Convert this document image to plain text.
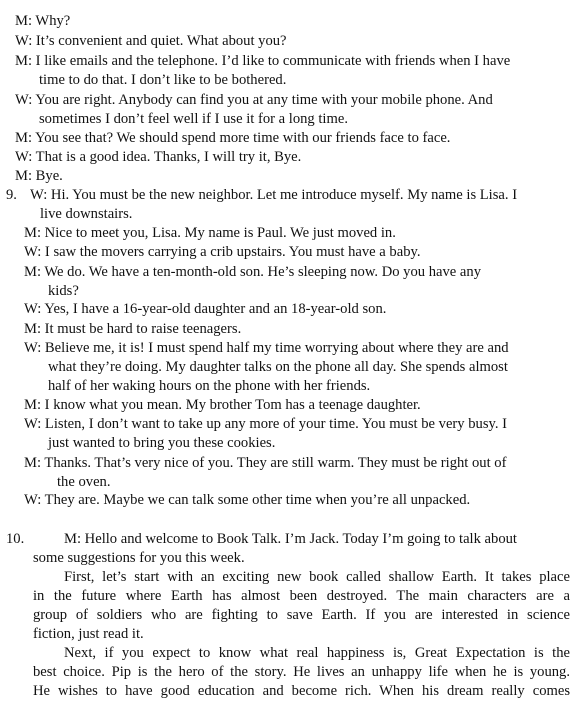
M: Why?
W: It’s convenient and quiet. What about you?
M: I like emails and the telephone. I’d like to communicate with friends when I have
time to do that. I don’t like to be bothered.
W: You are right. Anybody can find you at any time with your mobile phone. And
sometimes I don’t feel well if I use it for a long time.
M: You see that? We should spend more time with our friends face to face.
W: That is a good idea. Thanks, I will try it, Bye.
M: Bye.
9. W: Hi. You must be the new neighbor. Let me introduce myself. My name is Lisa. I
live downstairs.
M: Nice to meet you, Lisa. My name is Paul. We just moved in.
W: I saw the movers carrying a crib upstairs. You must have a baby.
M: We do. We have a ten-month-old son. He’s sleeping now. Do you have any
kids?
W: Yes, I have a 16-year-old daughter and an 18-year-old son.
M: It must be hard to raise teenagers.
W: Believe me, it is! I must spend half my time worrying about where they are and
what they’re doing. My daughter talks on the phone all day. She spends almost
half of her waking hours on the phone with her friends.
M: I know what you mean. My brother Tom has a teenage daughter.
W: Listen, I don’t want to take up any more of your time. You must be very busy. I
just wanted to bring you these cookies.
M: Thanks. That’s very nice of you. They are still warm. They must be right out of
the oven.
W: They are. Maybe we can talk some other time when you’re all unpacked.
10.	M: Hello and welcome to Book Talk. I’m Jack. Today I’m going to talk about
some suggestions for you this week.
First, let’s start with an exciting new book called shallow Earth. It takes place
in the future where Earth has almost been destroyed. The main characters are a
group of soldiers who are fighting to save Earth. If you are interested in science
fiction, just read it.
Next, if you expect to know what real happiness is, Great Expectation is the
best choice. Pip is the hero of the story. He lives an unhappy life when he is young.
He wishes to have good education and become rich. When his dream really comes
